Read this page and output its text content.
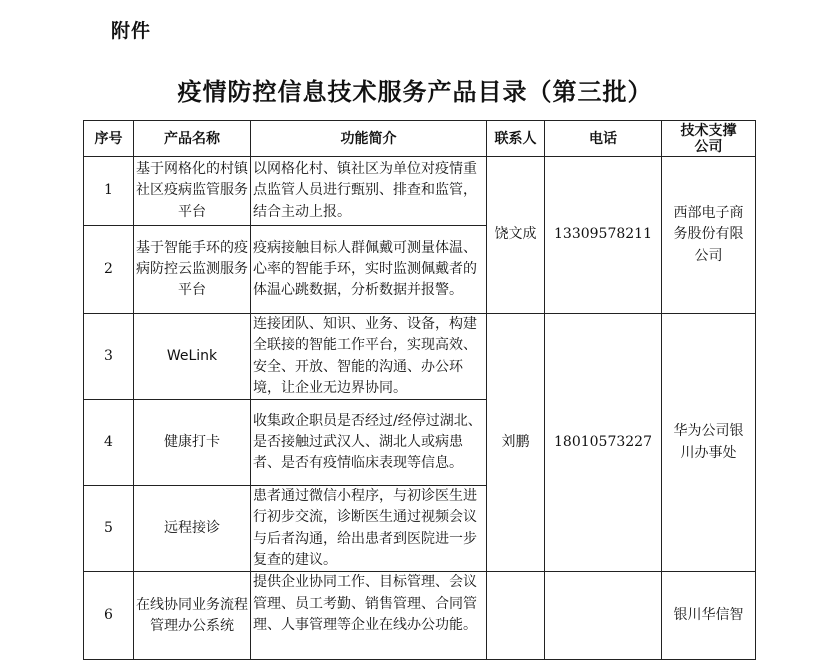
附件
疫情防控信息技术服务产品目录（第三批）
序号	产品名称	功能简介	联系人	电话	技术支撑公司
1	基于网格化的村镇社区疫病监管服务平台	以网格化村、镇社区为单位对疫情重点监管人员进行甄别、排查和监管，结合主动上报。	饶文成	13309578211	西部电子商务股份有限公司
2	基于智能手环的疫病防控云监测服务平台	疫病接触目标人群佩戴可测量体温、心率的智能手环，实时监测佩戴者的体温心跳数据，分析数据并报警。			
3	WeLink	连接团队、知识、业务、设备，构建全联接的智能工作平台，实现高效、安全、开放、智能的沟通、办公环境，让企业无边界协同。	刘鹏	18010573227	华为公司银川办事处
4	健康打卡	收集政企职员是否经过/经停过湖北、是否接触过武汉人、湖北人或病患者、是否有疫情临床表现等信息。			
5	远程接诊	患者通过微信小程序，与初诊医生进行初步交流，诊断医生通过视频会议与后者沟通，给出患者到医院进一步复查的建议。			
6	在线协同业务流程管理办公系统	提供企业协同工作、目标管理、会议管理、员工考勤、销售管理、合同管理、人事管理等企业在线办公功能。			银川华信智
